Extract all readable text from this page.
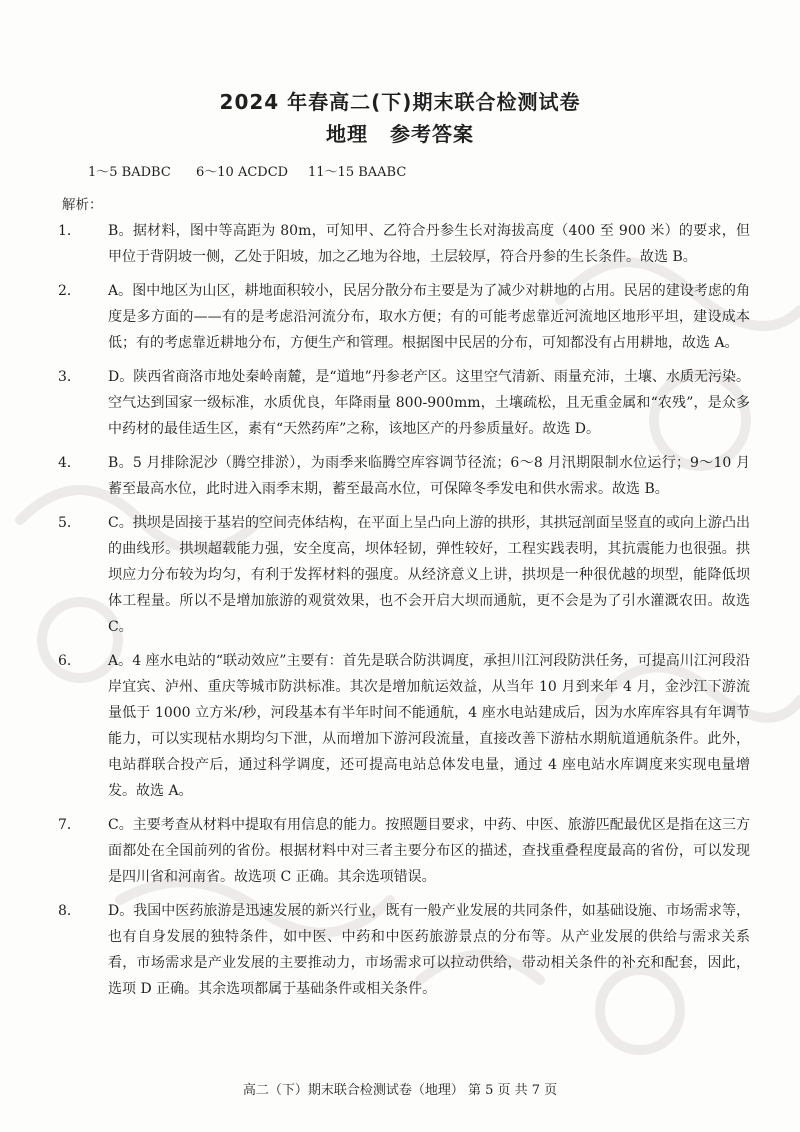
2024 年春高二(下)期末联合检测试卷
地理 参考答案
1～5 BADBC 6～10 ACDCD 11～15 BAABC
解析：
1．	B。据材料，图中等高距为 80m，可知甲、乙符合丹参生长对海拔高度（400 至 900 米）的要求，但甲位于背阴坡一侧，乙处于阳坡，加之乙地为谷地，土层较厚，符合丹参的生长条件。故选 B。
2．	A。图中地区为山区，耕地面积较小，民居分散分布主要是为了减少对耕地的占用。民居的建设考虑的角度是多方面的——有的是考虑沿河流分布，取水方便；有的可能考虑靠近河流地区地形平坦，建设成本低；有的考虑靠近耕地分布，方便生产和管理。根据图中民居的分布，可知都没有占用耕地，故选 A。
3．	D。陕西省商洛市地处秦岭南麓，是“道地”丹参老产区。这里空气清新、雨量充沛，土壤、水质无污染。空气达到国家一级标准，水质优良，年降雨量 800-900mm，土壤疏松，且无重金属和“农残”，是众多中药材的最佳适生区，素有“天然药库”之称，该地区产的丹参质量好。故选 D。
4．	B。5 月排除泥沙（腾空排淤），为雨季来临腾空库容调节径流；6～8 月汛期限制水位运行；9～10 月蓄至最高水位，此时进入雨季末期，蓄至最高水位，可保障冬季发电和供水需求。故选 B。
5．	C。拱坝是固接于基岩的空间壳体结构，在平面上呈凸向上游的拱形，其拱冠剖面呈竖直的或向上游凸出的曲线形。拱坝超载能力强，安全度高，坝体轻韧，弹性较好，工程实践表明，其抗震能力也很强。拱坝应力分布较为均匀，有利于发挥材料的强度。从经济意义上讲，拱坝是一种很优越的坝型，能降低坝体工程量。所以不是增加旅游的观赏效果，也不会开启大坝而通航，更不会是为了引水灌溉农田。故选 C。
6．	A。4 座水电站的“联动效应”主要有：首先是联合防洪调度，承担川江河段防洪任务，可提高川江河段沿岸宜宾、泸州、重庆等城市防洪标准。其次是增加航运效益，从当年 10 月到来年 4 月，金沙江下游流量低于 1000 立方米/秒，河段基本有半年时间不能通航，4 座水电站建成后，因为水库库容具有年调节能力，可以实现枯水期均匀下泄，从而增加下游河段流量，直接改善下游枯水期航道通航条件。此外，电站群联合投产后，通过科学调度，还可提高电站总体发电量，通过 4 座电站水库调度来实现电量增发。故选 A。
7．	C。主要考查从材料中提取有用信息的能力。按照题目要求，中药、中医、旅游匹配最优区是指在这三方面都处在全国前列的省份。根据材料中对三者主要分布区的描述，查找重叠程度最高的省份，可以发现是四川省和河南省。故选项 C 正确。其余选项错误。
8．	D。我国中医药旅游是迅速发展的新兴行业，既有一般产业发展的共同条件，如基础设施、市场需求等，也有自身发展的独特条件，如中医、中药和中医药旅游景点的分布等。从产业发展的供给与需求关系看，市场需求是产业发展的主要推动力，市场需求可以拉动供给，带动相关条件的补充和配套，因此，选项 D 正确。其余选项都属于基础条件或相关条件。
高二（下）期末联合检测试卷（地理） 第 5 页 共 7 页
